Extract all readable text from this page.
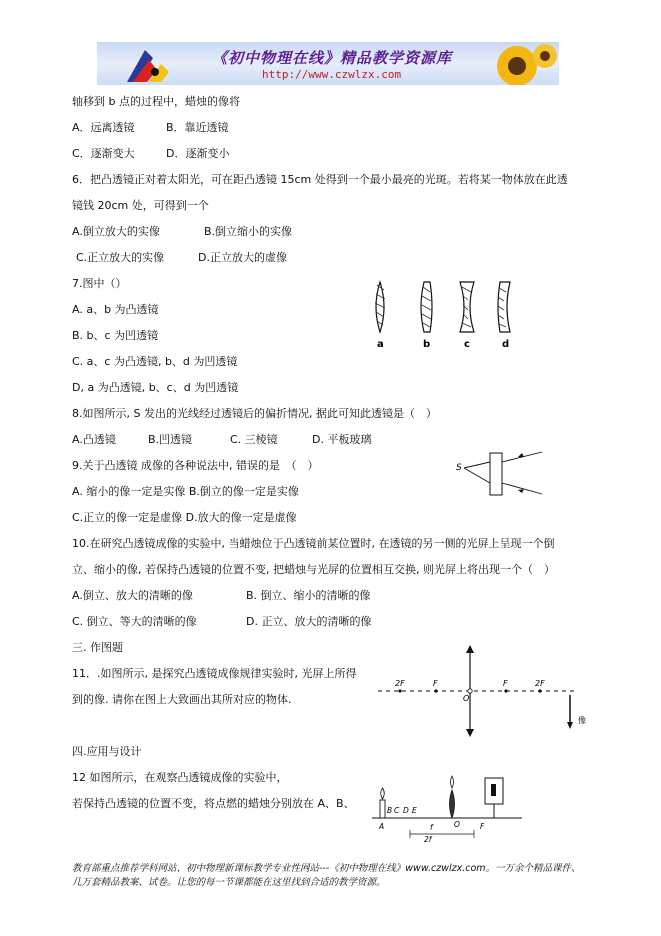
《初中物理在线》精品教学资源库
http://www.czwlzx.com
轴移到 b 点的过程中，蜡烛的像将
A．远离透镜	B．靠近透镜
C．逐渐变大	D．逐渐变小
6．把凸透镜正对着太阳光，可在距凸透镜 15cm 处得到一个最小最亮的光斑。若将某一物体放在此透
镜钱 20cm 处，可得到一个
A.倒立放大的实像	B.倒立缩小的实像
C.正立放大的实像	D.正立放大的虚像
7.图中（）
A. a、b 为凸透镜
B. b、c 为凹透镜
C. a、c 为凸透镜, b、d 为凹透镜
D, a 为凸透镜, b、c、d 为凹透镜
8.如图所示, S 发出的光线经过透镜后的偏折情况, 据此可知此透镜是（　）
A.凸透镜	B.凹透镜	C. 三棱镜	D. 平板玻璃
9.关于凸透镜 成像的各种说法中, 错误的是　（　）
A. 缩小的像一定是实像 B.倒立的像一定是实像
C.正立的像一定是虚像 D.放大的像一定是虚像
10.在研究凸透镜成像的实验中, 当蜡烛位于凸透镜前某位置时, 在透镜的另一侧的光屏上呈现一个倒
立、缩小的像, 若保持凸透镜的位置不变, 把蜡烛与光屏的位置相互交换, 则光屏上将出现一个（　）
A.倒立、放大的清晰的像	B. 倒立、缩小的清晰的像
C. 倒立、等大的清晰的像	D. 正立、放大的清晰的像
三. 作图题
11．.如图所示, 是探究凸透镜成像规律实验时, 光屏上所得
到的像. 请你在图上大致画出其所对应的物体.
四.应用与设计
12 如图所示，在观察凸透镜成像的实验中，
若保持凸透镜的位置不变，将点燃的蜡烛分别放在 A、B、
a	b	c	d
S
2F	F
O
F	2F
像
B C D E
A	O	F
2f
f
教育部重点推荐学科网站、初中物理新课标教学专业性网站---《初中物理在线》www.czwlzx.com。一万余个精品课件、
几万套精品教案、试卷。让您的每一节课都能在这里找到合适的教学资源。
